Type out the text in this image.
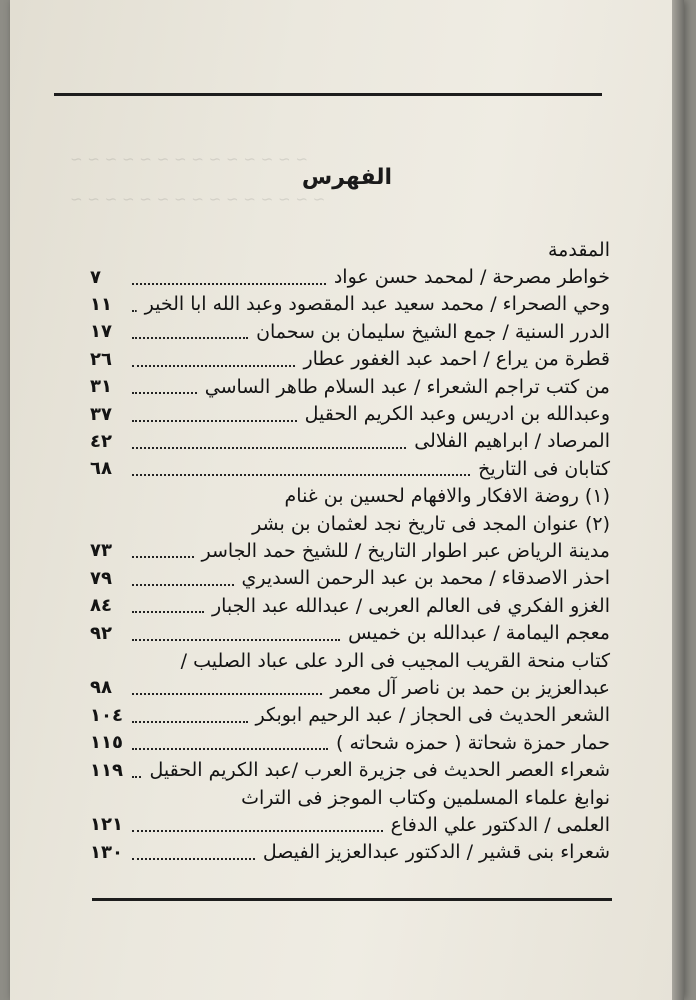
~ ~ ~ ~ ~ ~ ~ ~ ~ ~ ~ ~ ~ ~
~ ~ ~ ~ ~ ~ ~ ~ ~ ~ ~ ~ ~ ~ ~
الفهرس
المقدمة
خواطر مصرحة / لمحمد حسن عواد
٧
وحي الصحراء / محمد سعيد عبد المقصود وعبد الله ابا الخير
١١
الدرر السنية / جمع الشيخ سليمان بن سحمان
١٧
قطرة من يراع / احمد عبد الغفور عطار
٢٦
من كتب تراجم الشعراء / عبد السلام طاهر الساسي
٣١
وعبدالله بن ادريس وعبد الكريم الحقيل
٣٧
المرصاد / ابراهيم الفلالى
٤٢
كتابان فى التاريخ
٦٨
(١) روضة الافكار والافهام لحسين بن غنام
(٢) عنوان المجد فى تاريخ نجد لعثمان بن بشر
مدينة الرياض عبر اطوار التاريخ / للشيخ حمد الجاسر
٧٣
احذر الاصدقاء / محمد بن عبد الرحمن السديري
٧٩
الغزو الفكري فى العالم العربى / عبدالله عبد الجبار
٨٤
معجم اليمامة / عبدالله بن خميس
٩٢
كتاب منحة القريب المجيب فى الرد على عباد الصليب /
عبدالعزيز بن حمد بن ناصر آل معمر
٩٨
الشعر الحديث فى الحجاز / عبد الرحيم ابوبكر
١٠٤
حمار حمزة شحاتة ( حمزه شحاته )
١١٥
شعراء العصر الحديث فى جزيرة العرب /عبد الكريم الحقيل
١١٩
نوابغ علماء المسلمين وكتاب الموجز فى التراث
العلمى / الدكتور علي الدفاع
١٢١
شعراء بنى قشير / الدكتور عبدالعزيز الفيصل
١٣٠
